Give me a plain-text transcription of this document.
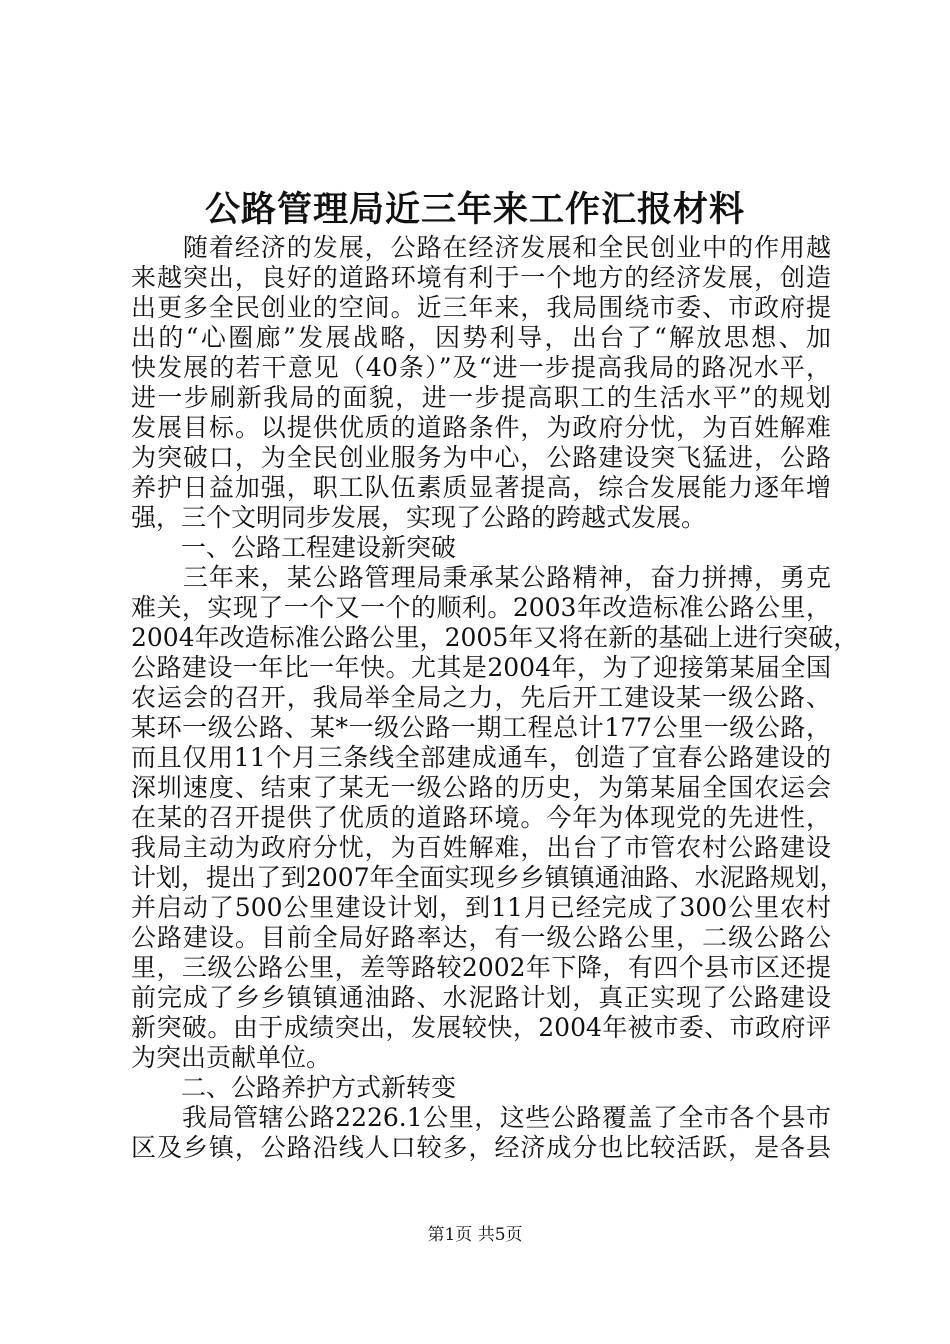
公路管理局近三年来工作汇报材料
　　随着经济的发展，公路在经济发展和全民创业中的作用越
来越突出，良好的道路环境有利于一个地方的经济发展，创造
出更多全民创业的空间。近三年来，我局围绕市委、市政府提
出的“心圈廊”发展战略，因势利导，出台了“解放思想、加
快发展的若干意见（40条）”及“进一步提高我局的路况水平，
进一步刷新我局的面貌，进一步提高职工的生活水平”的规划
发展目标。以提供优质的道路条件，为政府分忧，为百姓解难
为突破口，为全民创业服务为中心，公路建设突飞猛进，公路
养护日益加强，职工队伍素质显著提高，综合发展能力逐年增
强，三个文明同步发展，实现了公路的跨越式发展。
　　一、公路工程建设新突破
　　三年来，某公路管理局秉承某公路精神，奋力拼搏，勇克
难关，实现了一个又一个的顺利。2003年改造标准公路公里，
2004年改造标准公路公里，2005年又将在新的基础上进行突破，
公路建设一年比一年快。尤其是2004年，为了迎接第某届全国
农运会的召开，我局举全局之力，先后开工建设某一级公路、
某环一级公路、某*一级公路一期工程总计177公里一级公路，
而且仅用11个月三条线全部建成通车，创造了宜春公路建设的
深圳速度、结束了某无一级公路的历史，为第某届全国农运会
在某的召开提供了优质的道路环境。今年为体现党的先进性，
我局主动为政府分忧，为百姓解难，出台了市管农村公路建设
计划，提出了到2007年全面实现乡乡镇镇通油路、水泥路规划，
并启动了500公里建设计划，到11月已经完成了300公里农村
公路建设。目前全局好路率达，有一级公路公里，二级公路公
里，三级公路公里，差等路较2002年下降，有四个县市区还提
前完成了乡乡镇镇通油路、水泥路计划，真正实现了公路建设
新突破。由于成绩突出，发展较快，2004年被市委、市政府评
为突出贡献单位。
　　二、公路养护方式新转变
　　我局管辖公路2226.1公里，这些公路覆盖了全市各个县市
区及乡镇，公路沿线人口较多，经济成分也比较活跃，是各县
第1页 共5页
